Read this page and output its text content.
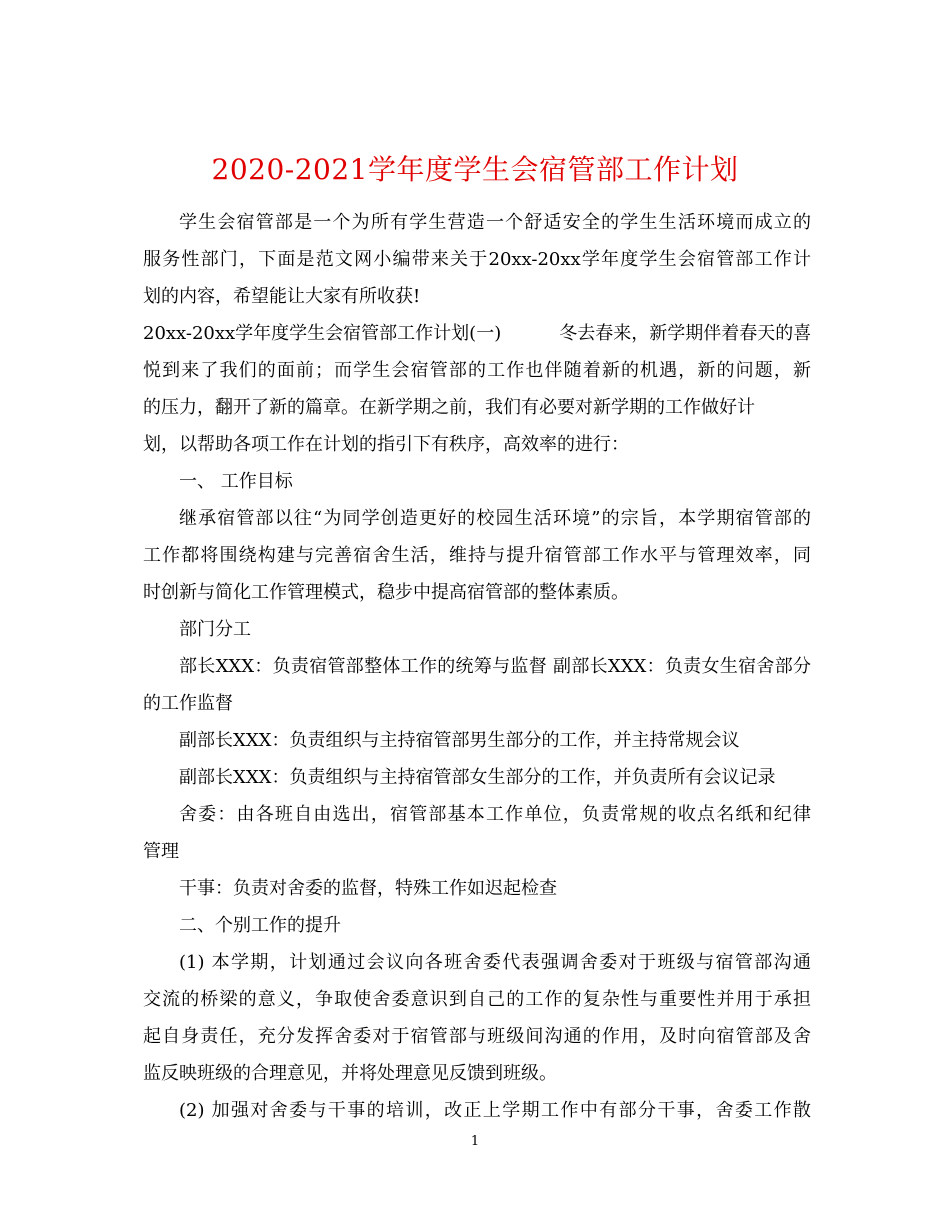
2020-2021学年度学生会宿管部工作计划
学生会宿管部是一个为所有学生营造一个舒适安全的学生生活环境而成立的
服务性部门，下面是范文网小编带来关于20xx-20xx学年度学生会宿管部工作计
划的内容，希望能让大家有所收获!
20xx-20xx学年度学生会宿管部工作计划(一)	冬去春来，新学期伴着春天的喜
悦到来了我们的面前；而学生会宿管部的工作也伴随着新的机遇，新的问题，新
的压力，翻开了新的篇章。在新学期之前，我们有必要对新学期的工作做好计
划，以帮助各项工作在计划的指引下有秩序，高效率的进行：
一、 工作目标
继承宿管部以往“为同学创造更好的校园生活环境”的宗旨，本学期宿管部的
工作都将围绕构建与完善宿舍生活，维持与提升宿管部工作水平与管理效率，同
时创新与简化工作管理模式，稳步中提高宿管部的整体素质。
部门分工
部长XXX：负责宿管部整体工作的统筹与监督 副部长XXX：负责女生宿舍部分
的工作监督
副部长XXX：负责组织与主持宿管部男生部分的工作，并主持常规会议
副部长XXX：负责组织与主持宿管部女生部分的工作，并负责所有会议记录
舍委：由各班自由选出，宿管部基本工作单位，负责常规的收点名纸和纪律
管理
干事：负责对舍委的监督，特殊工作如迟起检查
二、个别工作的提升
(1) 本学期，计划通过会议向各班舍委代表强调舍委对于班级与宿管部沟通
交流的桥梁的意义，争取使舍委意识到自己的工作的复杂性与重要性并用于承担
起自身责任，充分发挥舍委对于宿管部与班级间沟通的作用，及时向宿管部及舍
监反映班级的合理意见，并将处理意见反馈到班级。
(2) 加强对舍委与干事的培训，改正上学期工作中有部分干事，舍委工作散
1
